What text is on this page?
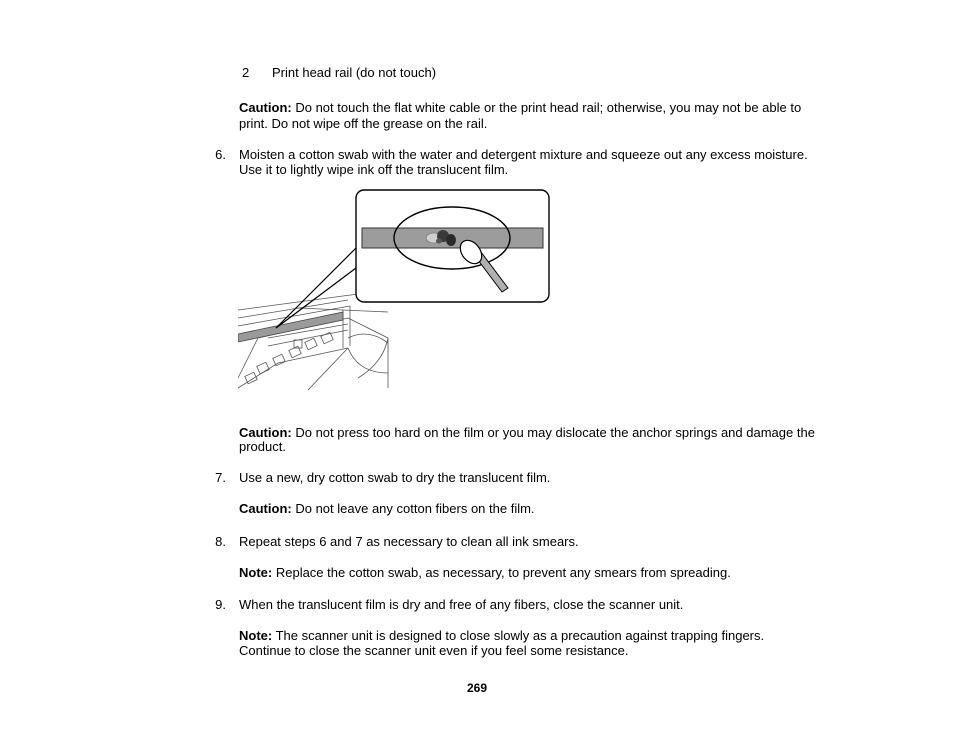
2 Print head rail (do not touch)
Caution: Do not touch the flat white cable or the print head rail; otherwise, you may not be able to
print. Do not wipe off the grease on the rail.
6. Moisten a cotton swab with the water and detergent mixture and squeeze out any excess moisture.
Use it to lightly wipe ink off the translucent film.
Caution: Do not press too hard on the film or you may dislocate the anchor springs and damage the
product.
7. Use a new, dry cotton swab to dry the translucent film.
Caution: Do not leave any cotton fibers on the film.
8. Repeat steps 6 and 7 as necessary to clean all ink smears.
Note: Replace the cotton swab, as necessary, to prevent any smears from spreading.
9. When the translucent film is dry and free of any fibers, close the scanner unit.
Note: The scanner unit is designed to close slowly as a precaution against trapping fingers.
Continue to close the scanner unit even if you feel some resistance.
269
